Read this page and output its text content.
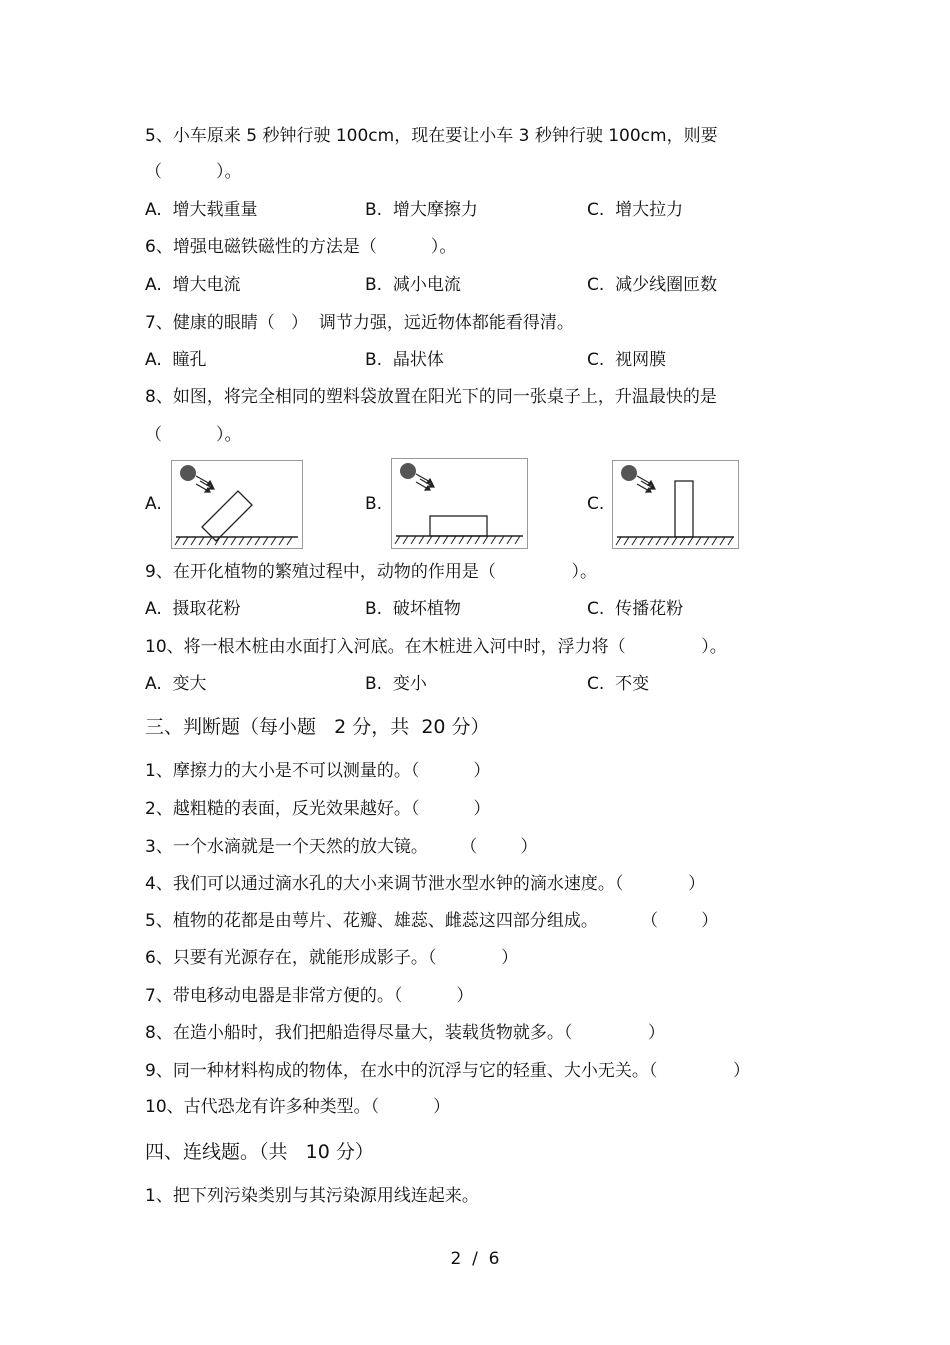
5、小车原来 5 秒钟行驶 100cm，现在要让小车 3 秒钟行驶 100cm，则要
（          ）。
A.  增大载重量	B.  增大摩擦力	C.  增大拉力
6、增强电磁铁磁性的方法是（          ）。
A.  增大电流	B.  减小电流	C.  减少线圈匝数
7、健康的眼睛（   ）  调节力强，远近物体都能看得清。
A.  瞳孔	B.  晶状体	C.  视网膜
8、如图，将完全相同的塑料袋放置在阳光下的同一张桌子上，升温最快的是
（          ）。
A.	B.	C.
9、在开化植物的繁殖过程中，动物的作用是（              ）。
A.  摄取花粉	B.  破坏植物	C.  传播花粉
10、将一根木桩由水面打入河底。在木桩进入河中时，浮力将（              ）。
A.  变大	B.  变小	C.  不变
三、判断题（每小题   2 分，共  20 分）
1、摩擦力的大小是不可以测量的。（          ）
2、越粗糙的表面，反光效果越好。（          ）
3、一个水滴就是一个天然的放大镜。      （        ）
4、我们可以通过滴水孔的大小来调节泄水型水钟的滴水速度。（            ）
5、植物的花都是由萼片、花瓣、雄蕊、雌蕊这四部分组成。        （        ）
6、只要有光源存在，就能形成影子。（            ）
7、带电移动电器是非常方便的。（          ）
8、在造小船时，我们把船造得尽量大，装载货物就多。（              ）
9、同一种材料构成的物体，在水中的沉浮与它的轻重、大小无关。（              ）
10、古代恐龙有许多种类型。（          ）
四、连线题。（共   10 分）
1、把下列污染类别与其污染源用线连起来。
2  /  6
